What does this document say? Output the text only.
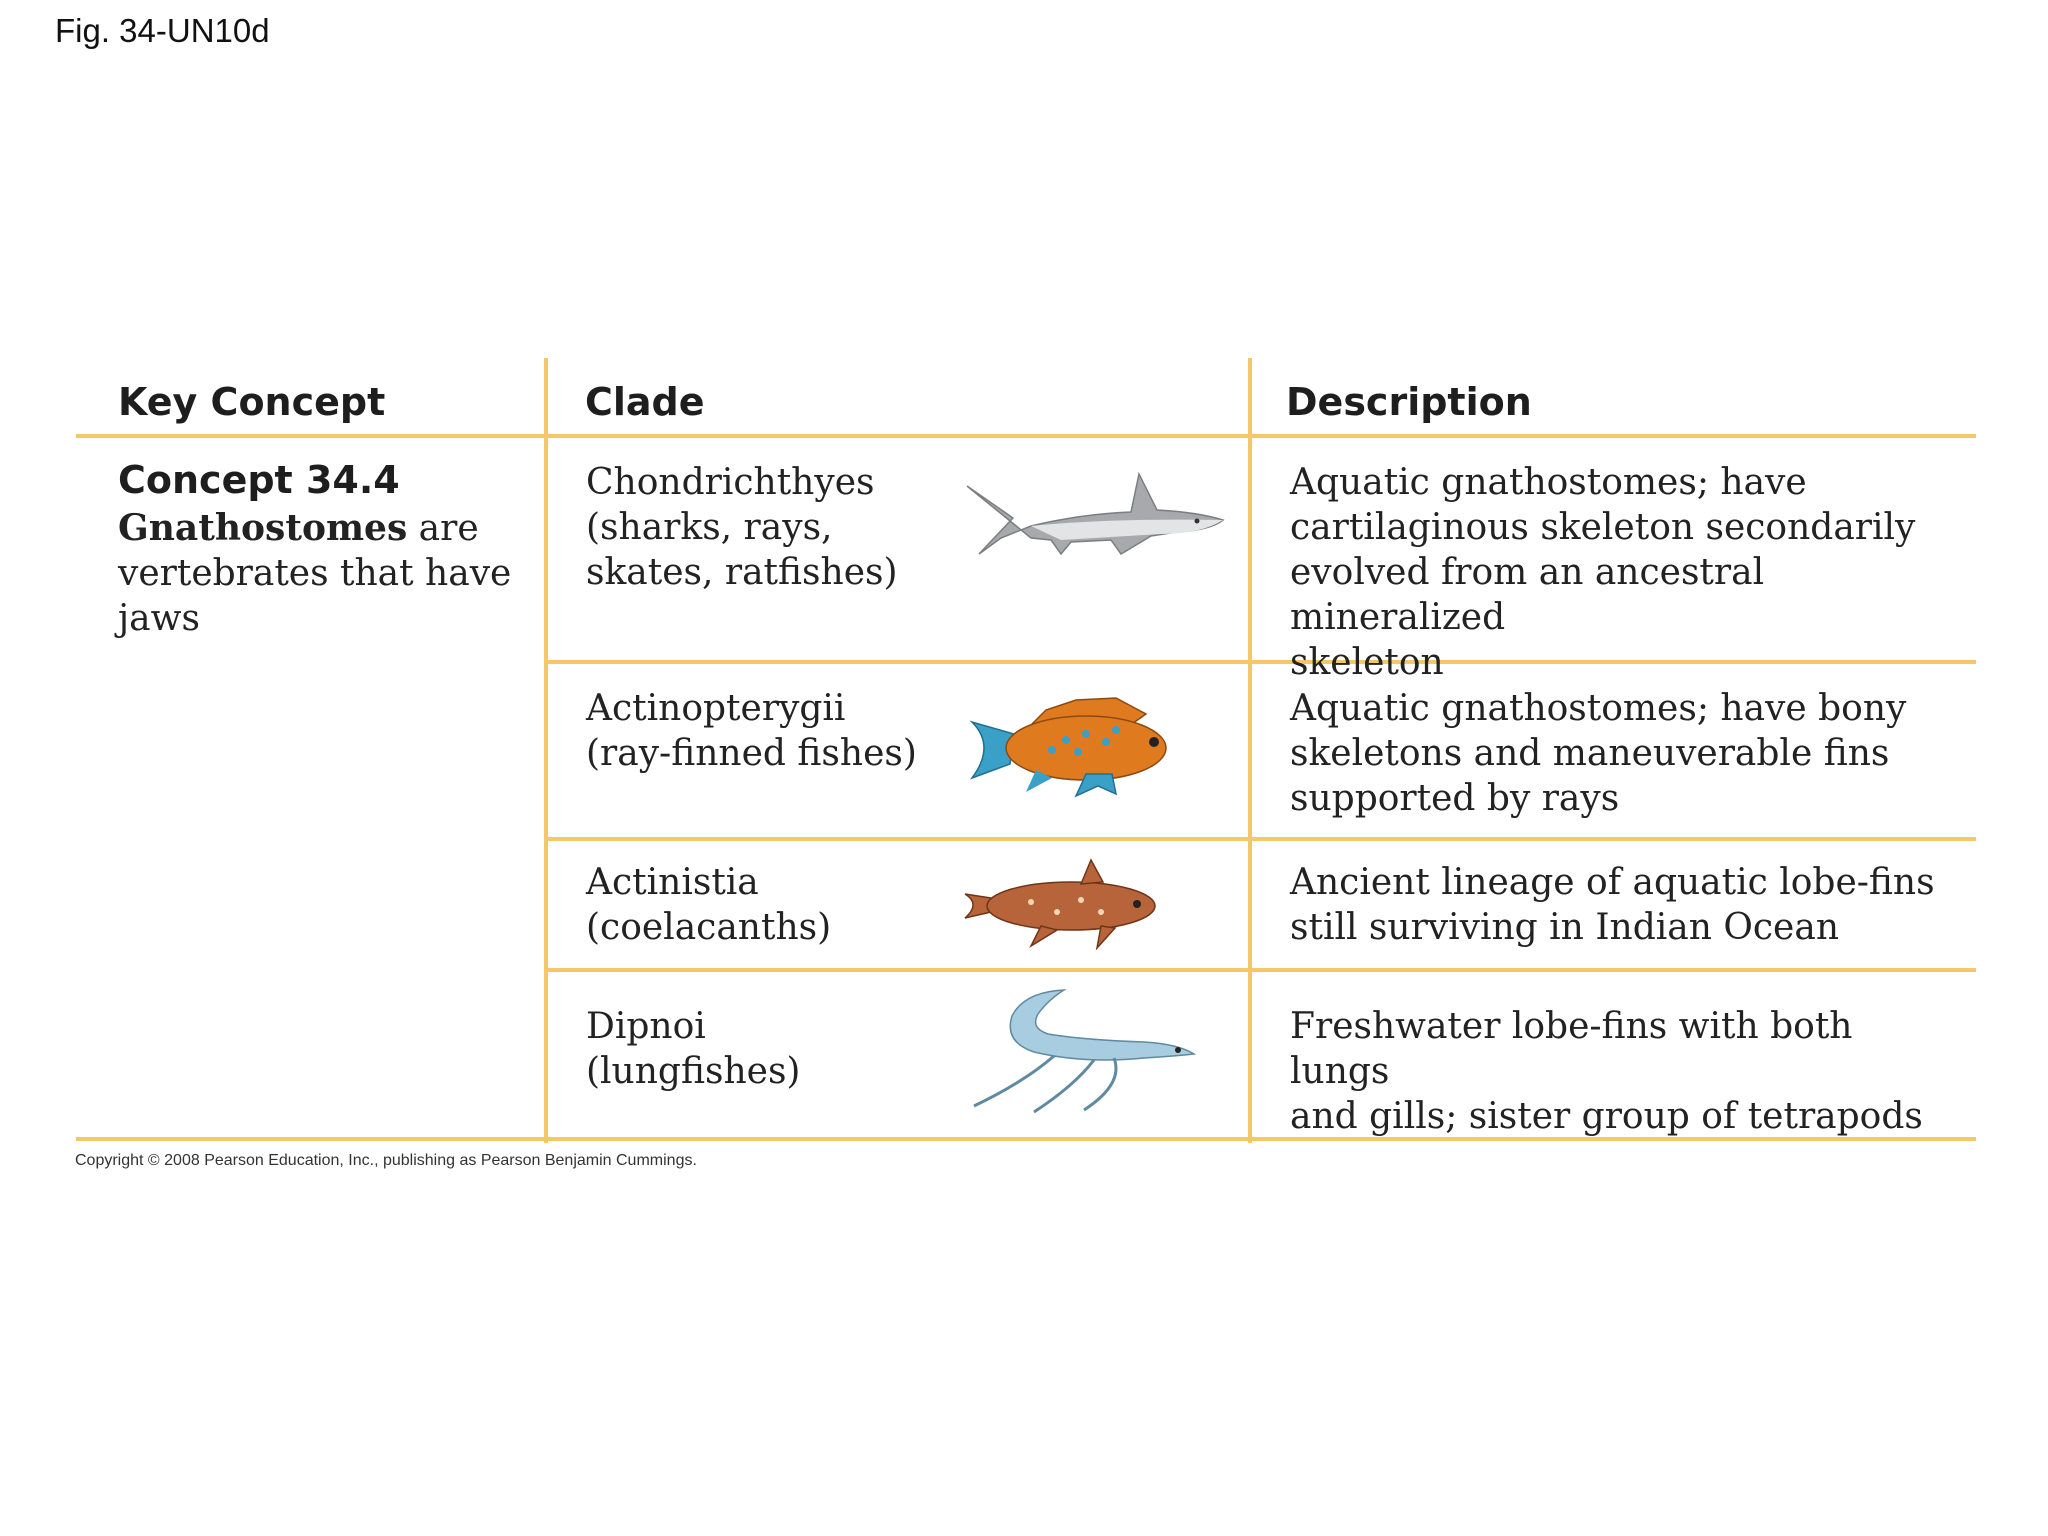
Fig. 34-UN10d
Key Concept	Clade	Description
Concept 34.4
Gnathostomes are vertebrates that have jaws
Chondrichthyes
(sharks, rays,
skates, ratfishes)
Aquatic gnathostomes; have
cartilaginous skeleton secondarily
evolved from an ancestral mineralized
skeleton
Actinopterygii
(ray-finned fishes)
Aquatic gnathostomes; have bony
skeletons and maneuverable fins
supported by rays
Actinistia
(coelacanths)
Ancient lineage of aquatic lobe-fins
still surviving in Indian Ocean
Dipnoi
(lungfishes)
Freshwater lobe-fins with both lungs
and gills; sister group of tetrapods
Copyright © 2008 Pearson Education, Inc., publishing as Pearson Benjamin Cummings.
